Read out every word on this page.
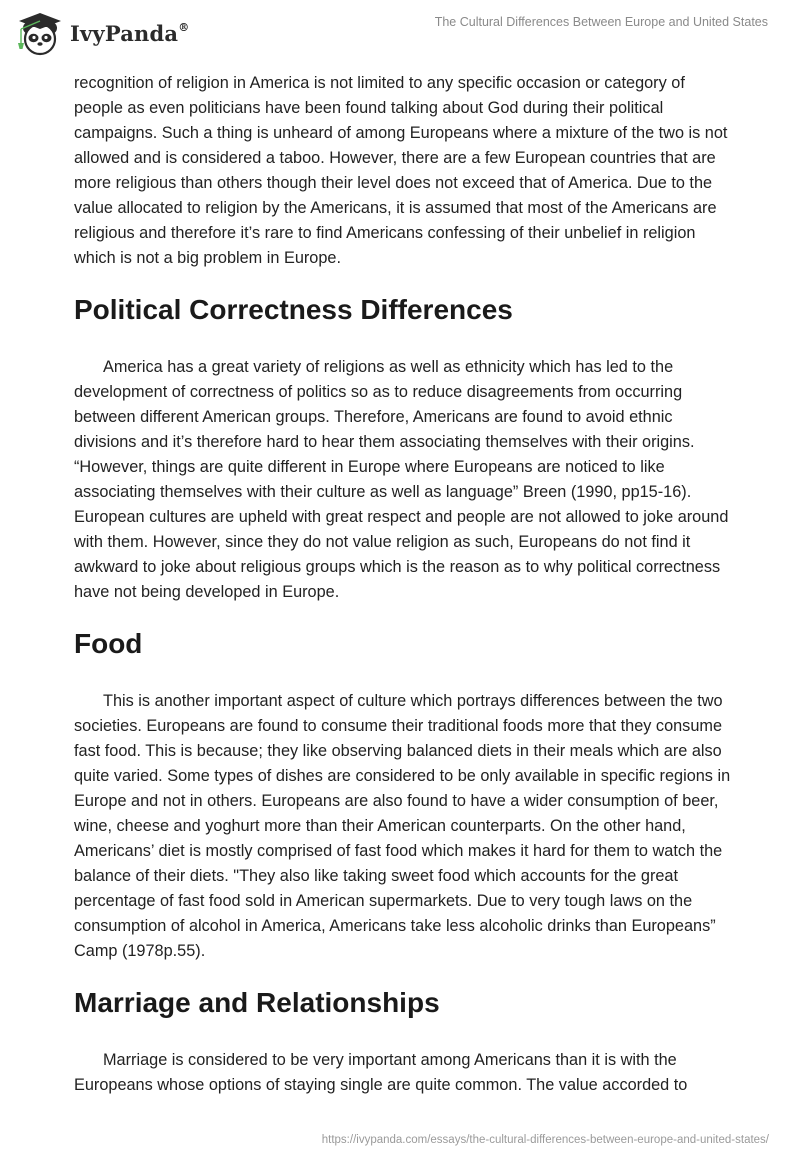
IvyPanda®	The Cultural Differences Between Europe and United States

recognition of religion in America is not limited to any specific occasion or category of people as even politicians have been found talking about God during their political campaigns. Such a thing is unheard of among Europeans where a mixture of the two is not allowed and is considered a taboo. However, there are a few European countries that are more religious than others though their level does not exceed that of America. Due to the value allocated to religion by the Americans, it is assumed that most of the Americans are religious and therefore it’s rare to find Americans confessing of their unbelief in religion which is not a big problem in Europe.

Political Correctness Differences

America has a great variety of religions as well as ethnicity which has led to the development of correctness of politics so as to reduce disagreements from occurring between different American groups. Therefore, Americans are found to avoid ethnic divisions and it’s therefore hard to hear them associating themselves with their origins. “However, things are quite different in Europe where Europeans are noticed to like associating themselves with their culture as well as language” Breen (1990, pp15-16). European cultures are upheld with great respect and people are not allowed to joke around with them. However, since they do not value religion as such, Europeans do not find it awkward to joke about religious groups which is the reason as to why political correctness have not being developed in Europe.

Food

This is another important aspect of culture which portrays differences between the two societies. Europeans are found to consume their traditional foods more that they consume fast food. This is because; they like observing balanced diets in their meals which are also quite varied. Some types of dishes are considered to be only available in specific regions in Europe and not in others. Europeans are also found to have a wider consumption of beer, wine, cheese and yoghurt more than their American counterparts. On the other hand, Americans’ diet is mostly comprised of fast food which makes it hard for them to watch the balance of their diets. "They also like taking sweet food which accounts for the great percentage of fast food sold in American supermarkets. Due to very tough laws on the consumption of alcohol in America, Americans take less alcoholic drinks than Europeans” Camp (1978p.55).

Marriage and Relationships

Marriage is considered to be very important among Americans than it is with the Europeans whose options of staying single are quite common. The value accorded to

https://ivypanda.com/essays/the-cultural-differences-between-europe-and-united-states/
